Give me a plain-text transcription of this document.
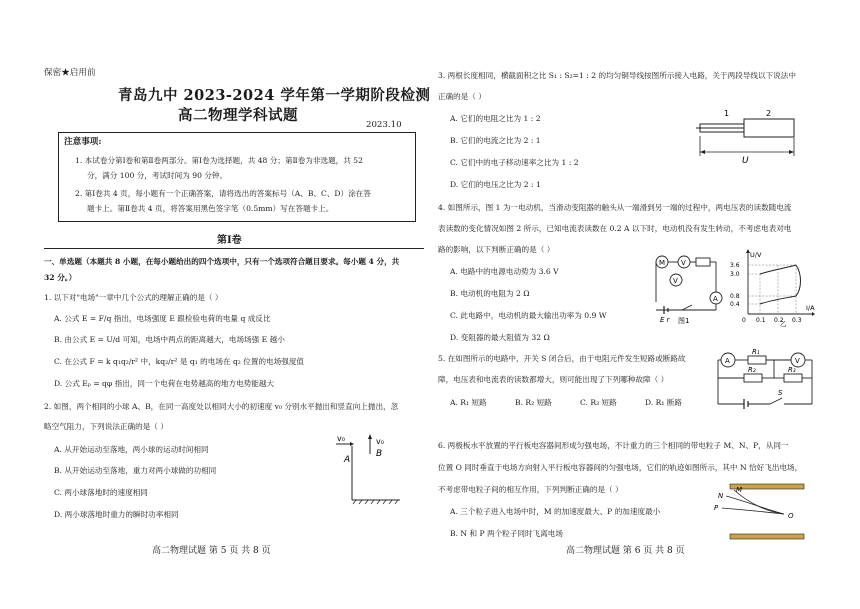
保密★启用前
青岛九中 2023-2024 学年第一学期阶段检测
高二物理学科试题
2023.10
注意事项:
1. 本试卷分第Ⅰ卷和第Ⅱ卷两部分。第Ⅰ卷为选择题，共 48 分；第Ⅱ卷为非选题，共 52
分，满分 100 分，考试时间为 90 分钟。
2. 第Ⅰ卷共 4 页，每小题有一个正确答案，请将选出的答案标号（A、B、C、D）涂在答
题卡上。第Ⅱ卷共 4 页，将答案用黑色签字笔（0.5mm）写在答题卡上。
第Ⅰ卷
一、单选题（本题共 8 小题，在每小题给出的四个选项中，只有一个选项符合题目要求。每小题 4 分，共
32 分。）
1. 以下对"电场"一章中几个公式的理解正确的是（ ）
A. 公式 E = F/q 指出，电场强度 E 跟检验电荷的电量 q 成反比
B. 由公式 E = U/d 可知，电场中两点的距离越大，电场场强 E 越小
C. 在公式 F = k q₁q₂/r² 中，kq₂/r² 是 q₁ 的电场在 q₂ 位置的电场强度值
D. 公式 Eₚ = qφ 指出，同一个电荷在电势越高的地方电势能越大
2. 如图，两个相同的小球 A、B，在同一高度处以相同大小的初速度 v₀ 分别水平抛出和竖直向上抛出，忽
略空气阻力，下列说法正确的是（ ）
A. 从开始运动至落地，两小球的运动时间相同
B. 从开始运动至落地，重力对两小球做的功相同
C. 两小球落地时的速度相同
D. 两小球落地时重力的瞬时功率相同
v₀
A
v₀
B
高二物理试题 第 5 页 共 8 页
3. 两根长度相同，横截面积之比 S₁ : S₂=1 : 2 的均匀铜导线按图所示接入电路，关于两段导线以下说法中
正确的是（ ）
A. 它们的电阻之比为 1 : 2
B. 它们的电流之比为 2 : 1
C. 它们中的电子移动速率之比为 1 : 2
D. 它们的电压之比为 2 : 1
1	2
U
4. 如图所示，图 1 为一电动机，当滑动变阻器的触头从一端滑到另一端的过程中，两电压表的读数随电流
表读数的变化情况如图 2 所示，已知电流表读数在 0.2 A 以下时，电动机没有发生转动，不考虑电表对电
路的影响，以下判断正确的是（ ）
A. 电路中的电源电动势为 3.6 V
B. 电动机的电阻为 2 Ω
C. 此电路中，电动机的最大输出功率为 0.9 W
D. 变阻器的最大阻值为 32 Ω
M V
V
A
E r 图1
U/V
I/A
3.6
3.0
0.8
0.4
0 0.1 0.2 0.3
乙
5. 在如图所示的电路中，开关 S 闭合后，由于电阻元件发生短路或断路故
障，电压表和电流表的读数都增大，则可能出现了下列哪种故障（ ）
A. R₁ 短路	B. R₂ 短路	C. R₃ 短路	D. R₁ 断路
A	V
R₁
R₂	R₃
S
6. 两极板水平放置的平行板电容器间形成匀强电场，不计重力的三个相同的带电粒子 M、N、P，从同一
位置 O 同时垂直于电场方向射入平行板电容器间的匀强电场，它们的轨迹如图所示，其中 N 恰好飞出电场，
不考虑带电粒子间的相互作用，下列判断正确的是（ ）
A. 三个粒子进入电场中时，M 的加速度最大、P 的加速度最小
B. N 和 P 两个粒子同时飞离电场
N
M
P
O
高二物理试题 第 6 页 共 8 页
